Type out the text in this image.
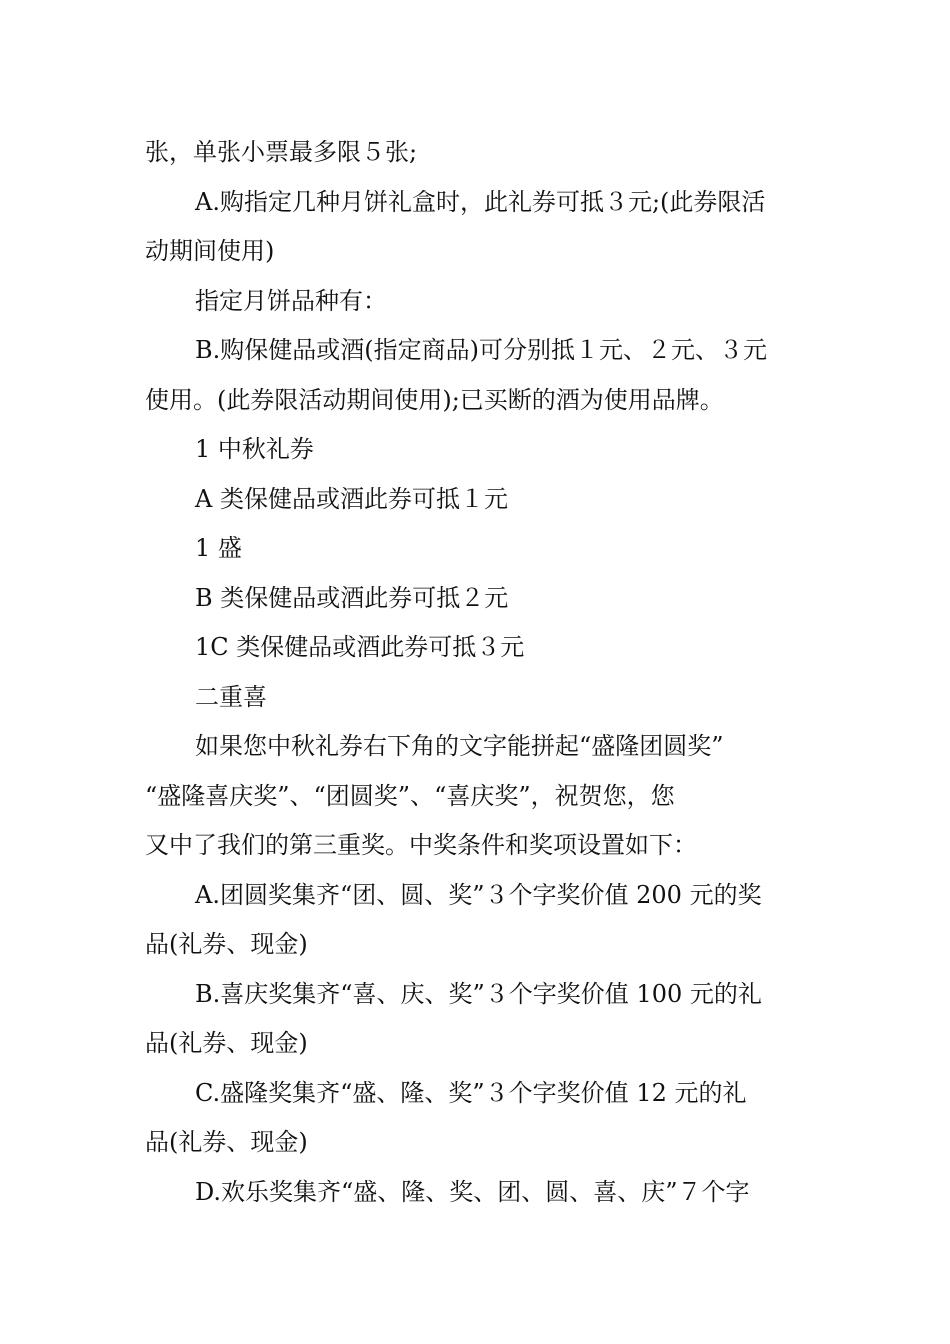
张，单张小票最多限５张;
A.购指定几种月饼礼盒时，此礼券可抵３元;(此券限活
动期间使用)
指定月饼品种有：
B.购保健品或酒(指定商品)可分别抵１元、２元、３元
使用。(此券限活动期间使用);已买断的酒为使用品牌。
1 中秋礼券
A 类保健品或酒此券可抵１元
1 盛
B 类保健品或酒此券可抵２元
1C 类保健品或酒此券可抵３元
二重喜
如果您中秋礼券右下角的文字能拼起“盛隆团圆奖”
“盛隆喜庆奖”、“团圆奖”、“喜庆奖”，祝贺您，您
又中了我们的第三重奖。中奖条件和奖项设置如下：
A.团圆奖集齐“团、圆、奖”３个字奖价值 200 元的奖
品(礼券、现金)
B.喜庆奖集齐“喜、庆、奖”３个字奖价值 100 元的礼
品(礼券、现金)
C.盛隆奖集齐“盛、隆、奖”３个字奖价值 12 元的礼
品(礼券、现金)
D.欢乐奖集齐“盛、隆、奖、团、圆、喜、庆”７个字
